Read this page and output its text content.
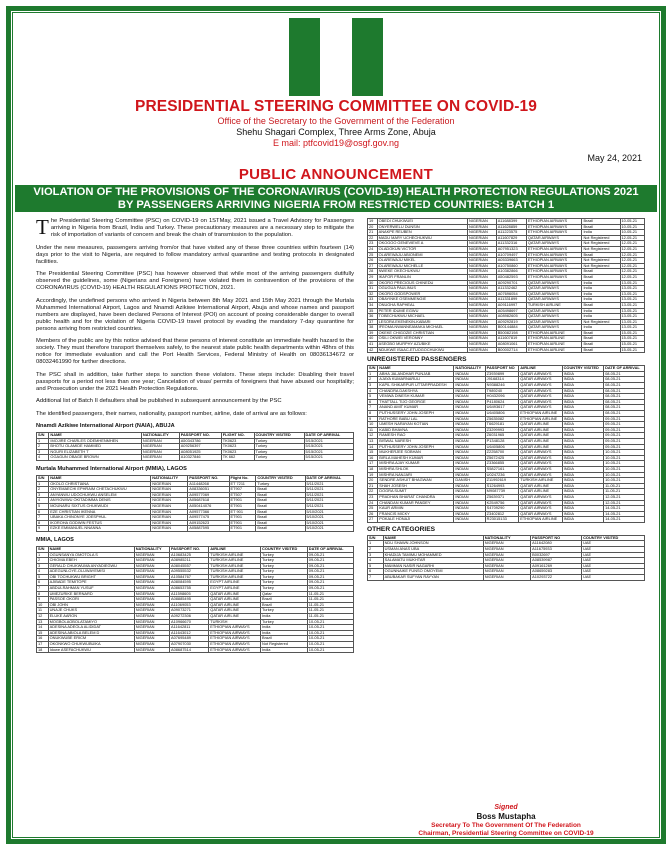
PRESIDENTIAL STEERING COMMITTEE ON COVID-19
Office of the Secretary to the Government of the Federation
Shehu Shagari Complex, Three Arms Zone, Abuja
E mail: ptfcovid19@osgf.gov.ng
May 24, 2021
PUBLIC ANNOUNCEMENT
VIOLATION OF THE PROVISIONS OF THE CORONAVIRUS (COVID-19) HEALTH PROTECTION REGULATIONS 2021
BY PASSENGERS ARRIVING NIGERIA FROM RESTRICTED COUNTRIES: BATCH 1

The Presidential Steering Committee (PSC) on COVID-19 on 1STMay, 2021 issued a Travel Advisory for Passengers arriving in Nigeria from Brazil, India and Turkey. These precautionary measures are a necessary step to mitigate the risk of importation of variants of concern and break the chain of transmission to the population.

Under the new measures, passengers arriving from/or that have visited any of these three countries within fourteen (14) days prior to the visit to Nigeria, are required to follow mandatory arrival quarantine and testing protocols in designated facilities.

The Presidential Steering Committee (PSC) has however observed that while most of the arriving passengers dutifully observed the guidelines, some (Nigerians and Foreigners) have violated them in contravention of the provisions of the CORONAVIRUS (COVID-19) HEALTH REGULATIONS PROTECTION, 2021.

Accordingly, the undefined persons who arrived in Nigeria between 8th May 2021 and 15th May 2021 through the Murtala Muhammed International Airport, Lagos and Nnamdi Azikiwe International Airport, Abuja and whose names and passport numbers are displayed, have been declared Persons of Interest (POI) on account of posing considerable danger to overall public health and for the violation of Nigeria COVID-19 travel protocol by evading the mandatory 7-day quarantine for persons arriving from restricted countries.

Members of the public are by this notice advised that these persons of interest constitute an immediate health hazard to the society. They must therefore transport themselves safely, to the nearest state public health departments within 48hrs of this notice for immediate evaluation and call the Port Health Services, Federal Ministry of Health on 08036134672 or 08032461990 for further directions.

The PSC shall in addition, take further steps to sanction these violators. These steps include: Disabling their travel passports for a period not less than one year; Cancelation of visas/ permits of foreigners that have abused our hospitality; and Prosecution under the 2021 Health Protection Regulations.

Additional list of Batch II defaulters shall be published in subsequent announcement by the PSC

The identified passengers, their names, nationality, passport number, airline, date of arrival are as follows:

Nnamdi Azikiwe International Airport (NAIA), ABUJA
S/N	NAME	NATIONALITY	PASSPORT NO.	FLIGHT NO.	COUNTRY VISITED	DATE OF ARRIVAL
1	IMOJIRE CHARLES ODEMHENMHEN	NIGERIAN	A50343786	TK0623	Turkey	5/15/2021
2	BHOTU OLAMIDE HAMMED	NIGERIAN	A09256397	TK0623	Turkey	5/15/2021
3	NGURI ELIZABETH T	NIGERIAN	A08051925	TK0623	Turkey	5/15/2021
4	OGAGUN OBAGE BROWN	NIGERIAN	A10327846	TK 662	Turkey	5/15/2021
Murtala Muhammed International Airport (MMIA), LAGOS
S/N	NAME	NATIONALITY	PASSPORT NO.	Flight No.	COUNTRY VISITED	DATE OF ARRIVAL
1	OKOLO CHRISTIANA	NIGERIAN	A11448268	ET 7211	Turkey	5/11/2021
2	ONYEMAECHI EPHRAIM CHETACHUKWU	NIGERIAN	A08336051	ET907	Brazil	5/11/2021
3	ANYANWU UDOCHUKWU ANSELEM	NIGERIAN	A09577069	ET507	Brazil	5/11/2021
4	ANYIGWWU OKITADIMMA DENIS	NIGERIAN	A05687618	ET901	Brazil	5/11/2021
5	MOUNARU SIXTUS CHUKWUDI	NIGERIAN	A050414076	ET901	Brazil	5/11/2021
6	EZE CHRISTIAN IKENNA	NIGERIAN	A09577366	ET 901	Brazil	5/10/2021
7	UBAKA CHINONYE JOESPHUL	NIGERIAN	A09577475	ET901	Brazil	5/10/2021
8	IKOROHA GODWIN FESTUS	NIGERIAN	A09152623	ET901	Brazil	5/10/2021
9	EZKE EMMANUEL NNANNA	NIGERIAN	A05887595	ET901	Brazil	5/10/2021
MMIA, LAGOS
S/N	NAME	NATIONALITY	PASSPORT NO.	AIRLINE	COUNTRY VISITED	DATE OF ARRIVAL
1	OGUNSANYA OMOTOLA S	NIGERIAN	A10683425	TURKISH AIRLINE	Turkey	09-05-21
2	CHIOMA EBEH	NIGERIAN	A08985211	TURKISH AIRLINE	Turkey	09-05-21
3	GERALD CHUKWUMA ANYADIEGWU	NIGERIAN	A08045557	TURKISH AIRLINE	Turkey	09-05-21
4	ADEGUNLOYE-OLUWAYEMISI	NIGERIAN	A09555532	TURKISH AIRLINE	Turkey	09-05-21
5	OBI TOCHUKWU BRIGHT	NIGERIAN	A10584767	TURKISH AIRLINE	Turkey	09-05-21
6	AJIBADE TEMITOPE	NIGERIAN	A08084595	EGYPT AIRLINE	Turkey	09-05-21
7	ABDULRAHMAN YUSUF	NIGERIAN	A08653755	EGYPT AIRLINE	Turkey	09-05-21
8	UMEZURIKE BERNARD	NIGERIAN	A11598605	QATAR AIRLINE	Qatar	11-05-21
9	PASSOE OKORI	NIGERIAN	A08885495	QATAR AIRLINE	Brazil	11-05-21
10	OBI JOHN	NIGERIAN	A11069053	QATAR AIRLINE	Brazil	11-05-21
11	UNAJE CHUKS	NIGERIAN	A09073271	QATAR AIRLINE	Turkey	11-05-21
12	ELUKE AARON	NIGERIAN	A09272306	QATAR AIRLINE	India	11-05-21
13	MOGBOLAOBOLATAMIYO	NIGERIAN	A10966670	TURKISH	Turkey	10-05-21
14	ADESINA ADEOLA ALIDIDAT	NIGERIAN	A11642811	ETHIOPIAN AIRWAYS	India	10-05-21
15	ADESINA ABIOLA BELEM D	NIGERIAN	A11643012	ETHIOPIAN AIRWAYS	India	10-05-21
16	ONUKWUBE ERICM	NIGERIAN	A07695489	ETHIOPIAN AIRWAYS	Brazil	10-05-21
17	OKONKWO CHUKWUBUIKA	NIGERIAN	A07907030	ETHIOPIAN AIRWAYS	Not Registered	10-05-21
18	Idowe ASEFACHUKWU	NIGERIAN	A08687514	ETHIOPIAN AIRWAYS	India	10-05-21
19	OBEDI CHUKWUEI	NIGERIAN	A11688399	ETHIOPIAN AIRWAYS	Brazil	10-05-21
20	ONYERWELU DUNSIN	NIGERIAN	A11628859	ETHIOPIAN AIRWAYS	Brazil	10-05-21
21	ANAKPE REUBEN	NIGERIAN	A11223575	ETHIOPIAN AIRWAYS	India	10-05-21
22	MADU MARY UCHECHUKWU	NIGERIAN	A11607829	QATAR AIRWAYS	Not Registered	12-05-21
23	OKOGOO GENEVIEVE A	NIGERIAN	A11332316	QATAR AIRWAYS	Not Registered	12-05-21
24	OLADOKUN VICTOR	NIGERIAN	A07951323	ETHIOPIAN AIRWAYS	Not Registered	12-05-21
25	OLAREWAJU ABIONEMI	NIGERIAN	A10709497	ETHIOPIAN AIRWAYS	Brazil	12-05-21
26	OLAREWAJU MIKEL	NIGERIAN	A05339663	ETHIOPIAN AIRWAYS	Not Registered	12-05-21
27	OLAREWAJU MICHELLE	NIGERIAN	A10750860	ETHIOPIAN AIRWAYS	Not Registered	12-05-21
28	NWEKE OKECHUKWU	NIGERIAN	A10382866	ETHIOPIAN AIRWAYS	Brazil	12-05-21
29	IKAFOR FRANLIN	NIGERIAN	A50482593	ETHIOPIAN AIRWAYS	Brazil	12-05-21
30	OKORO PRECIOUS CHINEDU	NIGERIAN	A09290701	QATAR AIRWAYS	India	13-05-21
31	OGUGUA PAULINUS	NIGERIAN	A11332462	QATAR AIRWAYS	India	13-05-21
32	OKORO GODSPOWER	NIGERIAN	A07696054	QATAR AIRWAYS	India	13-05-21
33	OBAYINKE OSEMMENGIE	NIGERIAN	A11331899	QATAR AIRWAYS	India	13-05-21
34	ONUGHA RAPHEAL	NIGERIAN	A09116997	TURKISH AIRLINE	Brazil	13-05-21
35	PETER IDUME EGWU	NIGERIAN	A05498697	QATAR AIRWAYS	India	13-05-21
36	TOBECHUKWU MICHAEL	NIGERIAN	A08982605	QATAR AIRWAYS	India	13-05-21
37	LESORA EKENEKIN-KABARI	NIGERIAN	A09292819	QATAR AIRWAYS	Not Registered	13-05-21
38	IFEOMA NWANNEAMAKA MICHAEL	NIGERIAN	B00144884	QATAR AIRWAYS	India	13-05-21
39	OKEKE CHIGOZIE CHRISTIAN	NIGERIAN	B50082198	ETHIOPIAN AIRLINE	Brazil	15-05-21
40	OSILI OKWEI VERONNY	NIGERIAN	A11607819	ETHIOPIAN AIRLINE	Brazil	15-05-21
41	ASEGBO MURPHY AZUBIKE	NIGERIAN	A08091061	ETHIOPIAN AIRLINE	Brazil	15-05-21
42	NDUKWE ISAAC-ETUOGOCHUKWU	NIGERIAN	B00002714	ETHIOPIAN AIRLINE	Brazil	15-05-21
UNREGISTERED PASSENGERS
S/N	NAME	NATIONALITY	PASSPORT NO	AIRLINE	COUNTRY VISITED	DATE OF ARRIVAL
1	ABHA JALANDHAR PUNJAB	INDIAN	Z3939899	QATAR AIRWAYS	INDIA	08-05-21
2	AJAYA KUMARNARULI	INDIAN	J9168314	QATAR AIRWAYS	INDIA	08-05-21
3	KAPIL SHIKARPUR UTTARPRADESH	INDIAN	N9388246	QATAR AIRWAYS	INDIA	08-05-21
4	CHANDRA DAKSHYA	INDIAN	T989240	QATAR AIRWAYS	INDIA	08-05-21
5	VEMWA DINESH KUMAR	INDIAN	H0432096	QATAR AIRWAYS	INDIA	08-05-21
6	THATTALL TIJO GEORGE	INDIAN	P4180624	QATAR AIRWAYS	INDIA	08-05-21
7	ANAND AMIT KUMAR	INDIAN	U6493617	QATAR AIRWAYS	INDIA	08-05-21
8	PUTHUSSERY JOHN JOSEPH	INDIAN	U6405806	ETHIOPIAN AIRLINE	INDIA	08-05-21
9	RATHORE BABU LAL	INDIAN	Z5635082	ETHIOPIAN AIRLINE	INDIA	09-05-21
10	UMESH NARAYAN KOTIAN	INDIAN	T6629181	QATAR AIRLINE	INDIA	09-05-21
11	KABID BHAVNA	INDIAN	Z3299993	QATAR AIRLINE	INDIA	09-05-21
12	RAMESH RAO	INDIAN	Z6031965	QATAR AIRLINE	INDIA	09-05-21
13	BISWAL NARESH	INDIAN	P1348128	QATAR AIRLINE	INDIA	09-05-21
14	PUTHUSSERY JOHN JOSEPH	INDIAN	U6405806	QATAR AIRLINE	INDIA	09-05-21
15	MUKHERJEE SOBHAN	INDIAN	Z2258700	QATAR AIRWAYS	INDIA	10-05-21
16	BIRLA MAHESH KUMAR	INDIAN	Z5672425	QATAR AIRWAYS	INDIA	10-05-21
17	MISHRA AJAY KUMAR	INDIAN	Z3366855	QATAR AIRWAYS	INDIA	10-05-21
18	MISHRA SHLOK	INDIAN	S5827161	QATAR AIRWAYS	INDIA	10-05-21
19	MISHRA NANJARI	INDIAN	U0247236	QATAR AIRWAYS	INDIA	10-05-21
20	SENDRE ASHUIT BHAGWAN	DANISH	Z11992619	TURKISH AIRLINE	INDIA	10-05-21
21	SHAH JOSESH	INDIAN	S1264993	QATAR AIRLINE	INDIA	11-05-21
22	DOGRA SUMIT	INDIAN	M9087739	QATAR AIRLINE	INDIA	11-05-21
23	PRADHAN BHARAT CHANDRA	INDIAN	Z5639371	QATAR AIRWAYS	INDIA	12-05-21
24	CHANDAN KUMAR PANDEY	INDIAN	K2549756	QATAR AIRWAYS	INDIA	12-05-21
25	KAUR ARMIN	INDIAN	S4709290	QATAR AIRWAYS	INDIA	14-05-21
26	FRANCIS MICKY	INDIAN	Z3402812	QATAR AIRWAYS	INDIA	14-05-21
27	POKALE HONAJI	INDIAN	R23015133	ETHIOPIAN AIRLINE	INDIA	14-05-21
OTHER CATEGORIES
S/N	NAME	NATIONALITY	PASSPORT NO	COUNTRY VISITED
1	NDU SHAWN JOHNSON	NIGERIAN	A11642080	UAE
2	USMAN ANAS UBA	NIGERIAN	A11675933	UAE
3	KHADIJA TAMIMU MOHAMMED	NIGERIAN	B0032697	UAE
4	SALAMATU MUKHTAR	NIGERIAN	A08539987	UAE
5	MAMMAN NASIR NAGARHI	NIGERIAN	A09161269	UAE
6	OGUNNAIKE FUNSO OMOYEMI	NIGERIAN	A08659283	UAE
7	ABUBAKAR SUFYAN RAYYAN	NIGERIAN	A10293722	UAE
Signed
Boss Mustapha
Secretary To The Government Of The Federation
Chairman, Presidential Steering Committee on COVID-19
